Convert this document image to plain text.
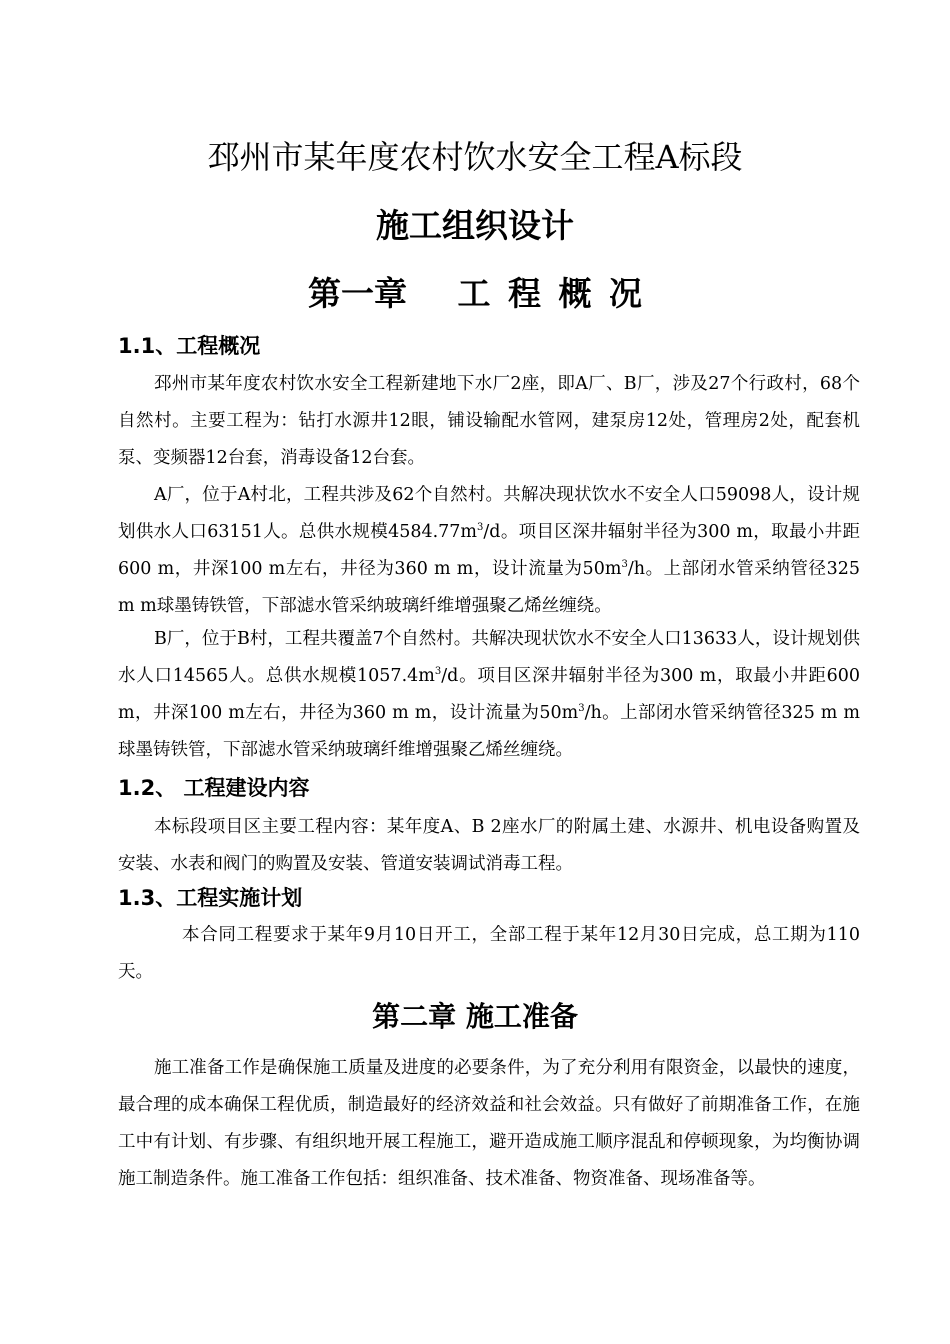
邳州市某年度农村饮水安全工程A标段
施工组织设计
第一章　 工 程 概 况
1.1、工程概况

邳州市某年度农村饮水安全工程新建地下水厂2座，即A厂、B厂，涉及27个行政村，68个自然村。主要工程为：钻打水源井12眼，铺设输配水管网，建泵房12处，管理房2处，配套机泵、变频器12台套，消毒设备12台套。

A厂，位于A村北，工程共涉及62个自然村。共解决现状饮水不安全人口59098人，设计规划供水人口63151人。总供水规模$4584.77m^3/d$。项目区深井辐射半径为300 m，取最小井距600 m，井深100 m左右，井径为360 m m，设计流量为$50m^3/h$。上部闭水管采纳管径325 m m球墨铸铁管，下部滤水管采纳玻璃纤维增强聚乙烯丝缠绕。

B厂，位于B村，工程共覆盖7个自然村。共解决现状饮水不安全人口13633人，设计规划供水人口14565人。总供水规模$1057.4m^3/d$。项目区深井辐射半径为300 m，取最小井距600 m，井深100 m左右，井径为360 m m，设计流量为$50m^3/h$。上部闭水管采纳管径325 m m球墨铸铁管，下部滤水管采纳玻璃纤维增强聚乙烯丝缠绕。

1.2、 工程建设内容

本标段项目区主要工程内容：某年度A、B 2座水厂的附属土建、水源井、机电设备购置及安装、水表和阀门的购置及安装、管道安装调试消毒工程。

1.3、工程实施计划

本合同工程要求于某年9月10日开工，全部工程于某年12月30日完成，总工期为110天。

第二章 施工准备

施工准备工作是确保施工质量及进度的必要条件，为了充分利用有限资金，以最快的速度，最合理的成本确保工程优质，制造最好的经济效益和社会效益。只有做好了前期准备工作，在施工中有计划、有步骤、有组织地开展工程施工，避开造成施工顺序混乱和停顿现象，为均衡协调施工制造条件。施工准备工作包括：组织准备、技术准备、物资准备、现场准备等。
